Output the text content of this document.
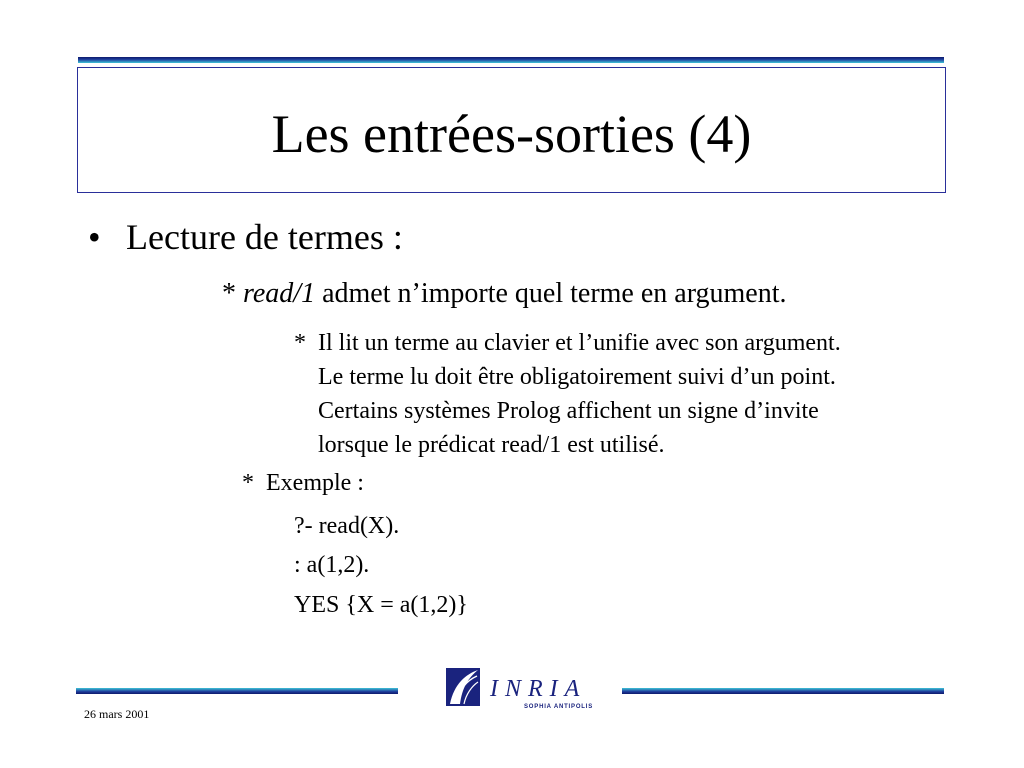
Les entrées-sorties (4)
• Lecture de termes :
* read/1 admet n’importe quel terme en argument.
* Il lit un terme au clavier et l’unifie avec son argument.
Le terme lu doit être obligatoirement suivi d’un point.
Certains systèmes Prolog affichent un signe d’invite
lorsque le prédicat read/1 est utilisé.
* Exemple :
?- read(X).
: a(1,2).
YES {X = a(1,2)}
INRIA
SOPHIA ANTIPOLIS
26 mars 2001
